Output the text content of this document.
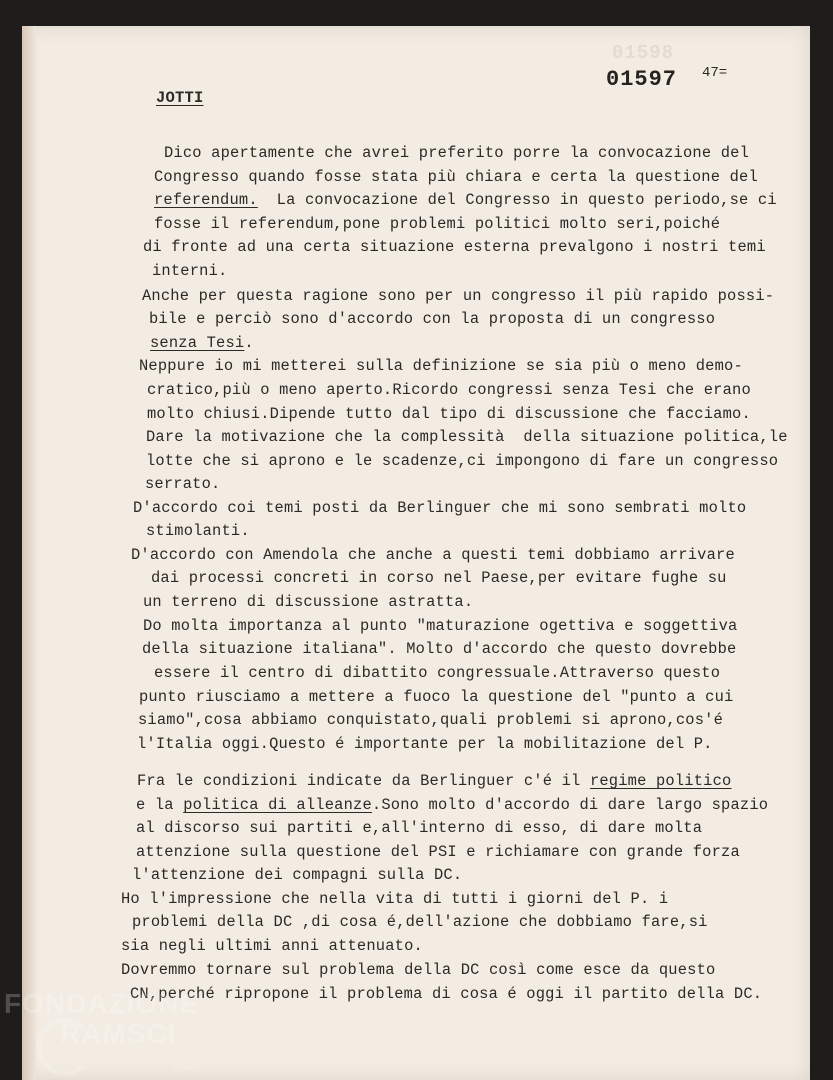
01598
01597 47=
JOTTI
Dico apertamente che avrei preferito porre la convocazione del
Congresso quando fosse stata più chiara e certa la questione del
referendum.  La convocazione del Congresso in questo periodo,se ci
fosse il referendum,pone problemi politici molto seri,poiché
di fronte ad una certa situazione esterna prevalgono i nostri temi
interni.
Anche per questa ragione sono per un congresso il più rapido possi-
bile e perciò sono d'accordo con la proposta di un congresso
senza Tesi.
Neppure io mi metterei sulla definizione se sia più o meno demo-
cratico,più o meno aperto.Ricordo congressi senza Tesi che erano
molto chiusi.Dipende tutto dal tipo di discussione che facciamo.
Dare la motivazione che la complessità  della situazione politica,le
lotte che si aprono e le scadenze,ci impongono di fare un congresso
serrato.
D'accordo coi temi posti da Berlinguer che mi sono sembrati molto
stimolanti.
D'accordo con Amendola che anche a questi temi dobbiamo arrivare
dai processi concreti in corso nel Paese,per evitare fughe su
un terreno di discussione astratta.
Do molta importanza al punto "maturazione ogettiva e soggettiva
della situazione italiana". Molto d'accordo che questo dovrebbe
essere il centro di dibattito congressuale.Attraverso questo
punto riusciamo a mettere a fuoco la questione del "punto a cui
siamo",cosa abbiamo conquistato,quali problemi si aprono,cos'é
l'Italia oggi.Questo é importante per la mobilitazione del P.
Fra le condizioni indicate da Berlinguer c'é il regime politico
e la politica di alleanze.Sono molto d'accordo di dare largo spazio
al discorso sui partiti e,all'interno di esso, di dare molta
attenzione sulla questione del PSI e richiamare con grande forza
l'attenzione dei compagni sulla DC.
Ho l'impressione che nella vita di tutti i giorni del P. i
problemi della DC ,di cosa é,dell'azione che dobbiamo fare,si
sia negli ultimi anni attenuato.
Dovremmo tornare sul problema della DC così come esce da questo
CN,perché ripropone il problema di cosa é oggi il partito della DC.
FONDAZIONE
RAMSCI
onlus
